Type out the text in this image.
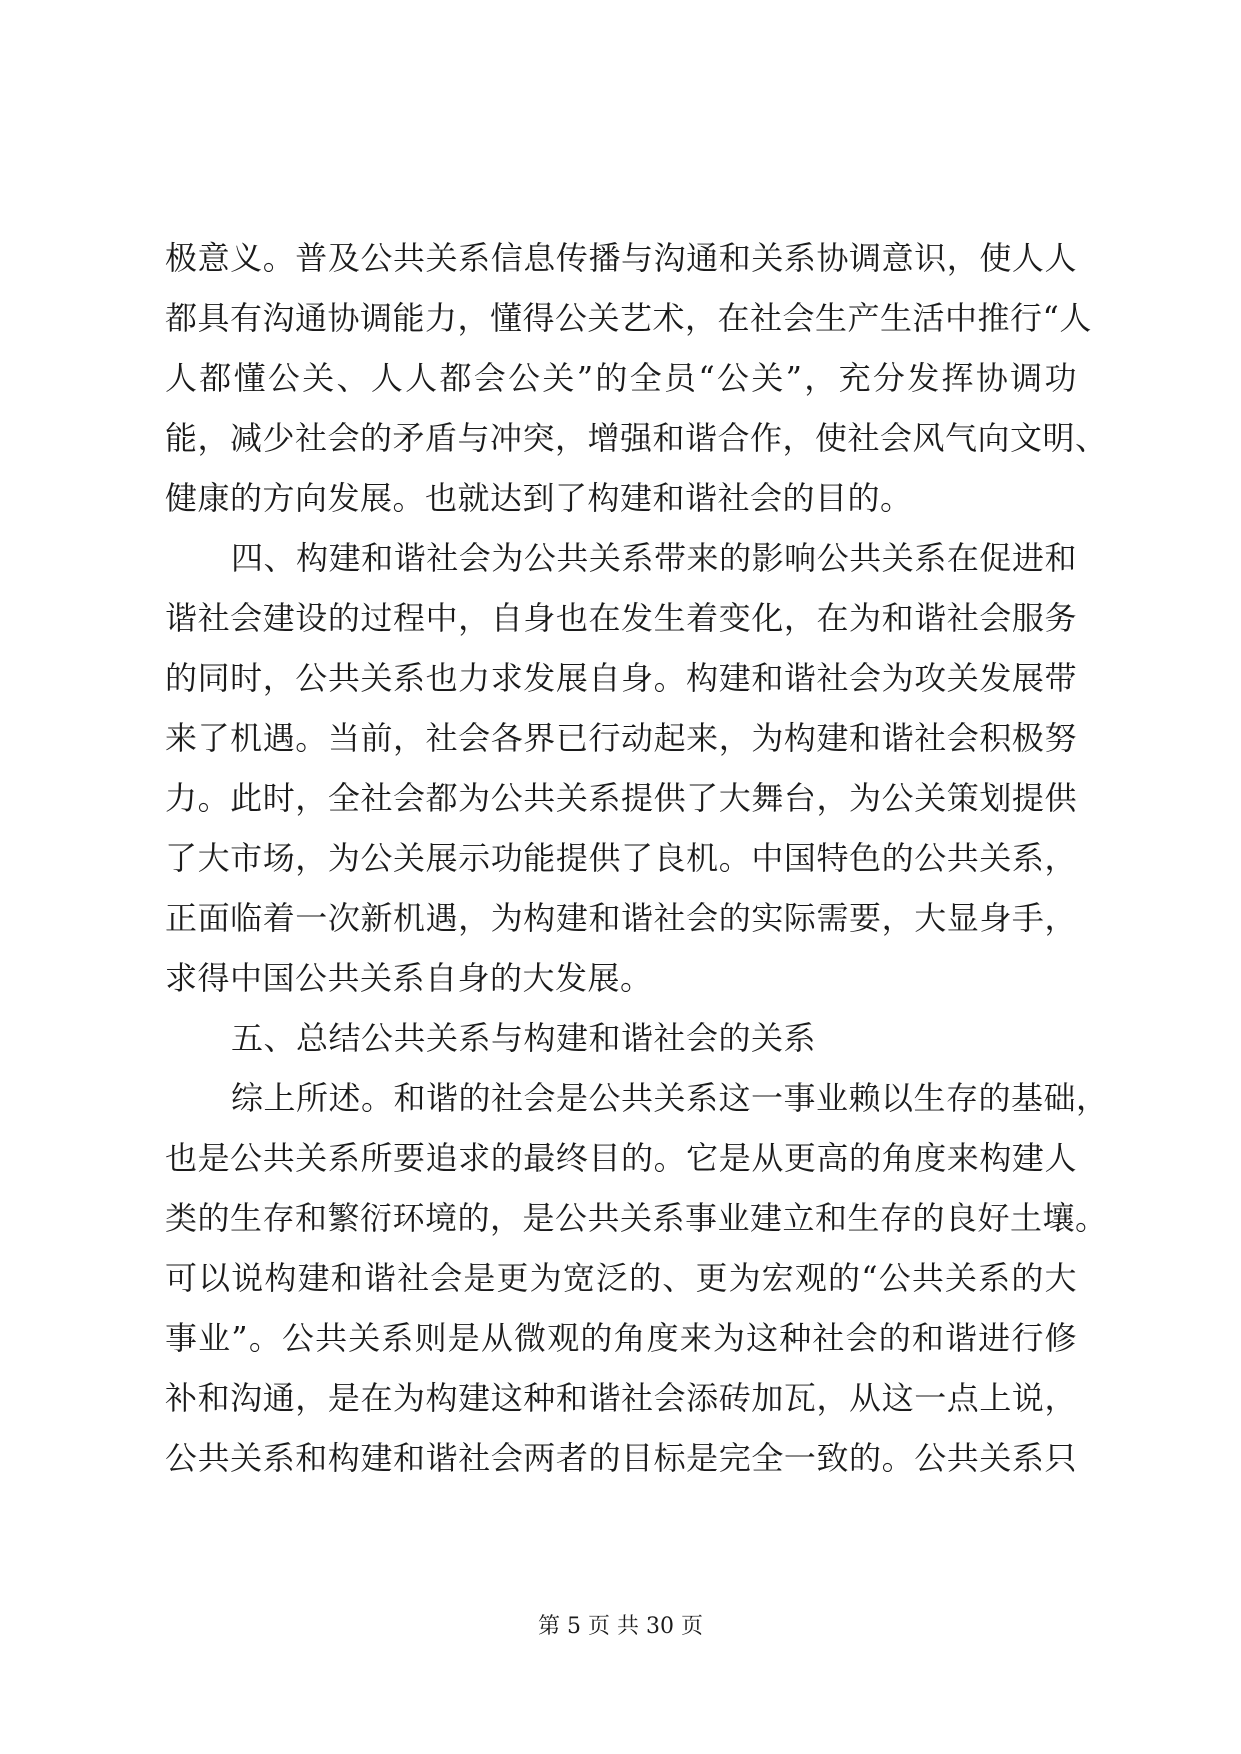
极意义。普及公共关系信息传播与沟通和关系协调意识，使人人
都具有沟通协调能力，懂得公关艺术，在社会生产生活中推行“人
人都懂公关、人人都会公关”的全员“公关”，充分发挥协调功
能，减少社会的矛盾与冲突，增强和谐合作，使社会风气向文明、
健康的方向发展。也就达到了构建和谐社会的目的。
四、构建和谐社会为公共关系带来的影响公共关系在促进和
谐社会建设的过程中，自身也在发生着变化，在为和谐社会服务
的同时，公共关系也力求发展自身。构建和谐社会为攻关发展带
来了机遇。当前，社会各界已行动起来，为构建和谐社会积极努
力。此时，全社会都为公共关系提供了大舞台，为公关策划提供
了大市场，为公关展示功能提供了良机。中国特色的公共关系，
正面临着一次新机遇，为构建和谐社会的实际需要，大显身手，
求得中国公共关系自身的大发展。
五、总结公共关系与构建和谐社会的关系
综上所述。和谐的社会是公共关系这一事业赖以生存的基础，
也是公共关系所要追求的最终目的。它是从更高的角度来构建人
类的生存和繁衍环境的，是公共关系事业建立和生存的良好土壤。
可以说构建和谐社会是更为宽泛的、更为宏观的“公共关系的大
事业”。公共关系则是从微观的角度来为这种社会的和谐进行修
补和沟通，是在为构建这种和谐社会添砖加瓦，从这一点上说，
公共关系和构建和谐社会两者的目标是完全一致的。公共关系只
第 5 页 共 30 页
